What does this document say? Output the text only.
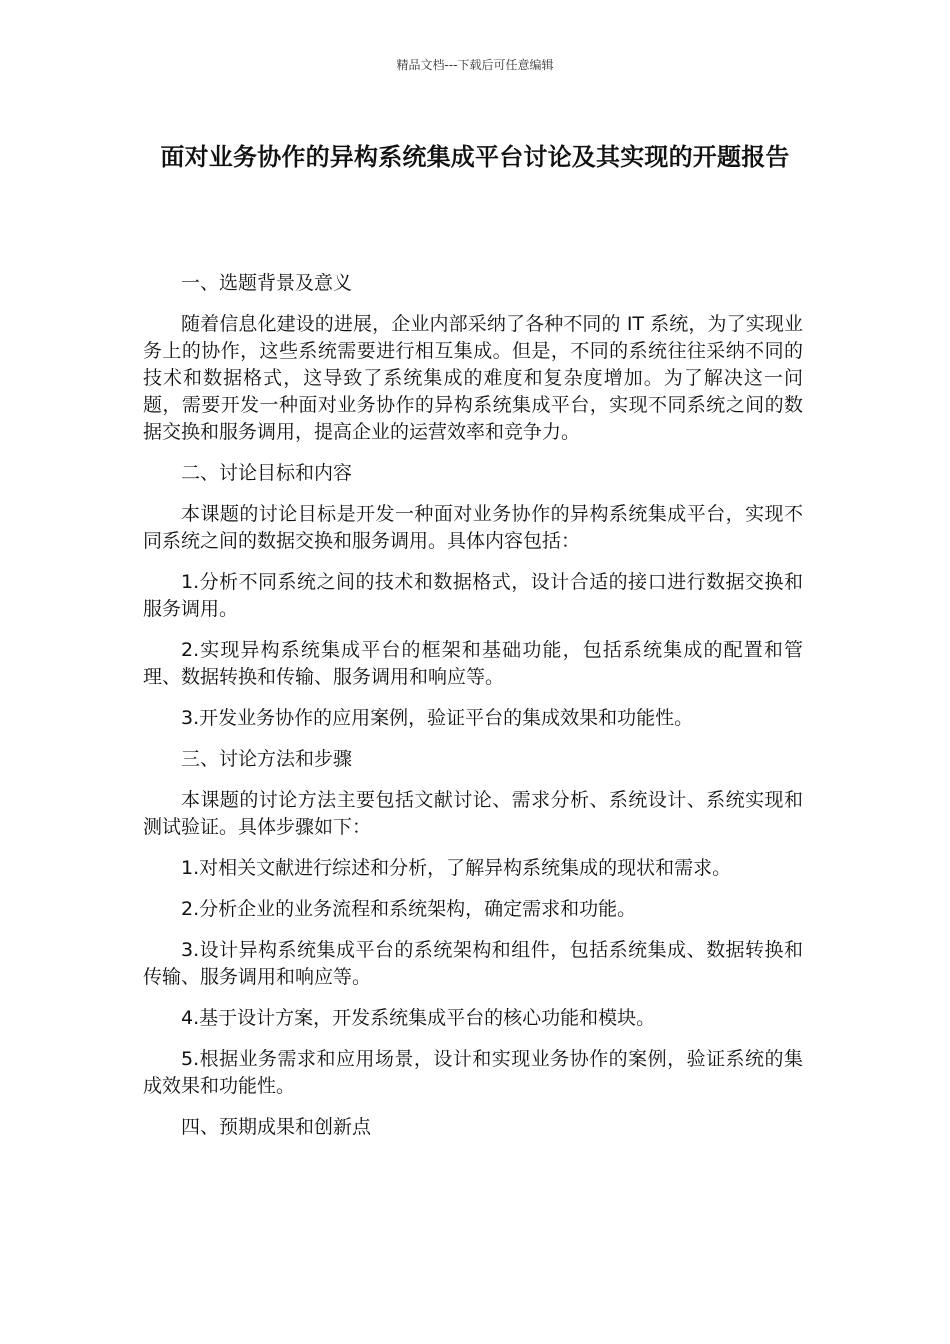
精品文档---下载后可任意编辑
面对业务协作的异构系统集成平台讨论及其实现的开题报告

一、选题背景及意义

随着信息化建设的进展，企业内部采纳了各种不同的 IT 系统，为了实现业务上的协作，这些系统需要进行相互集成。但是，不同的系统往往采纳不同的技术和数据格式，这导致了系统集成的难度和复杂度增加。为了解决这一问题，需要开发一种面对业务协作的异构系统集成平台，实现不同系统之间的数据交换和服务调用，提高企业的运营效率和竞争力。

二、讨论目标和内容

本课题的讨论目标是开发一种面对业务协作的异构系统集成平台，实现不同系统之间的数据交换和服务调用。具体内容包括：

1.分析不同系统之间的技术和数据格式，设计合适的接口进行数据交换和服务调用。

2.实现异构系统集成平台的框架和基础功能，包括系统集成的配置和管理、数据转换和传输、服务调用和响应等。

3.开发业务协作的应用案例，验证平台的集成效果和功能性。

三、讨论方法和步骤

本课题的讨论方法主要包括文献讨论、需求分析、系统设计、系统实现和测试验证。具体步骤如下：

1.对相关文献进行综述和分析，了解异构系统集成的现状和需求。

2.分析企业的业务流程和系统架构，确定需求和功能。

3.设计异构系统集成平台的系统架构和组件，包括系统集成、数据转换和传输、服务调用和响应等。

4.基于设计方案，开发系统集成平台的核心功能和模块。

5.根据业务需求和应用场景，设计和实现业务协作的案例，验证系统的集成效果和功能性。

四、预期成果和创新点
